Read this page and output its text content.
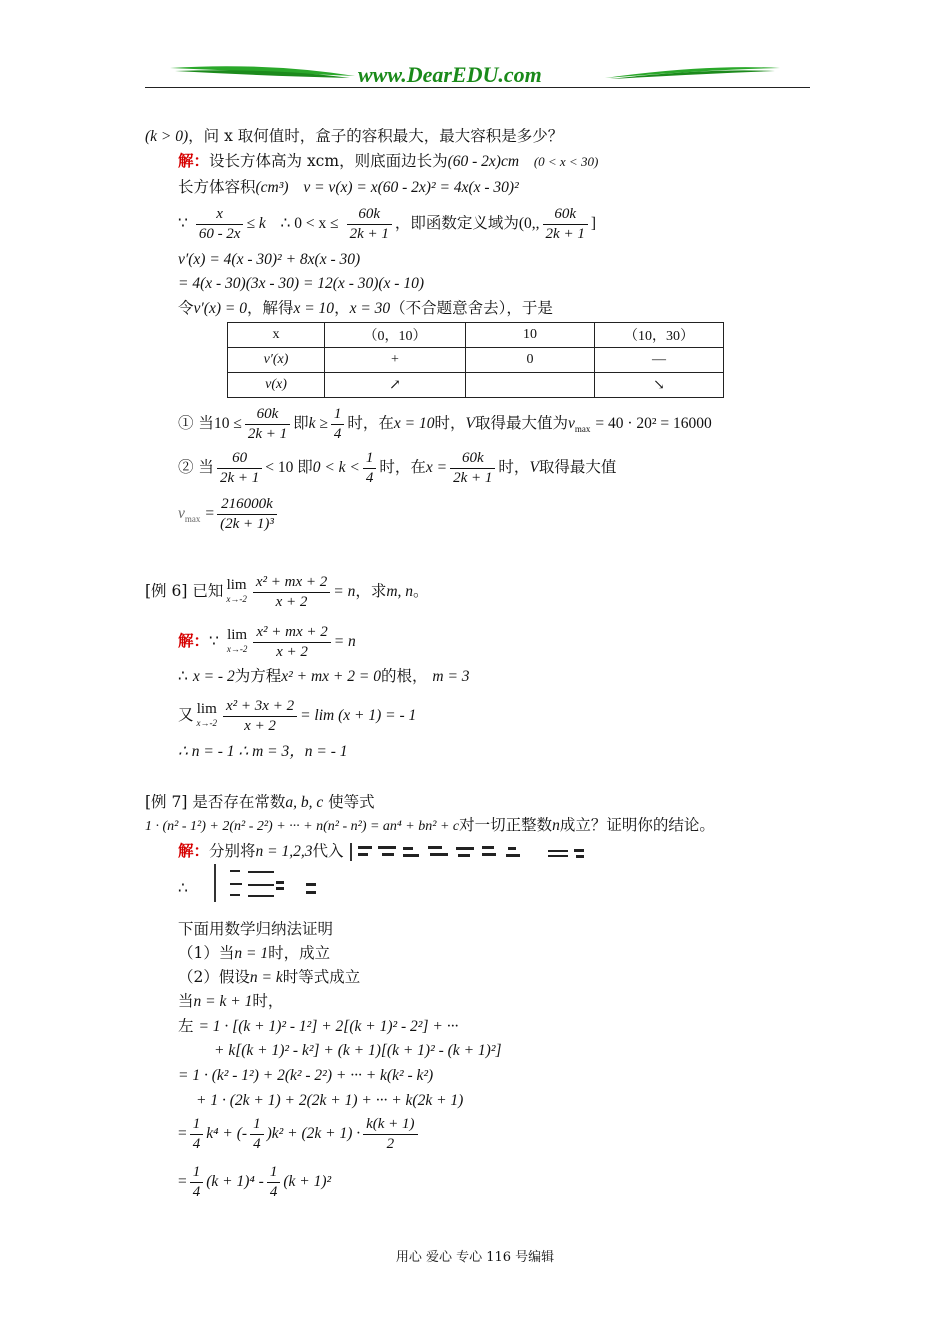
www.DearEDU.com
(k > 0)，问 x 取何值时，盒子的容积最大，最大容积是多少？
解：设长方体高为 xcm，则底面边长为(60 - 2x)cm (0 < x < 30)
长方体容积(cm³) v = v(x) = x(60 - 2x)² = 4x(x - 30)²
∵ $\frac{x}{60 - 2x} \le k$ ∴ $0 < x \le \frac{60k}{2k + 1}$ ，即函数定义域为(0,, $\frac{60k}{2k + 1}$ ]
v′(x) = 4(x - 30)² + 8x(x - 30)
= 4(x - 30)(3x - 30) = 12(x - 30)(x - 10)
令v′(x) = 0，解得x = 10，x = 30（不合题意舍去），于是
x	（0，10）	10	（10，30）
v′(x)	+	0	—
v(x)	↗		↘
① 当$10 \le \frac{60k}{2k + 1}$ 即$k \ge \frac{1}{4}$ 时，在x = 10时，V取得最大值为$v_{max} = 40 \cdot 20^2 = 16000$
② 当 $\frac{60}{2k + 1} < 10$ 即$0 < k < \frac{1}{4}$ 时，在$x = \frac{60k}{2k + 1}$ 时，V取得最大值
$v_{max} = \frac{216000k}{\text{(2k + 1)³}}$
[例 6] 已知 lim
$x\to-2 \frac{\text{x² + mx + 2}}{x + 2} = n$，求m, n。
解：∵ lim
$x\to-2 \frac{\text{x² + mx + 2}}{x + 2} = n$
∴ x = - 2为方程x² + mx + 2 = 0的根， m = 3
又 lim
$x\to-2 \frac{\text{x² + 3x + 2}}{x + 2} = \lim (x + 1)$ = - 1
∴ n = - 1 ∴ m = 3，n = - 1
[例 7] 是否存在常数a, b, c 使等式
1 · (n² - 1²) + 2(n² - 2²) + ··· + n(n² - n²) = an⁴ + bn² + c对一切正整数n成立？证明你的结论。
解：分别将n = 1,2,3代入
∴
下面用数学归纳法证明
（1）当n = 1时，成立
（2）假设n = k时等式成立
当n = k + 1时，
左 = 1 · [(k + 1)² - 1²] + 2[(k + 1)² - 2²] + ···
+ k[(k + 1)² - k²] + (k + 1)[(k + 1)² - (k + 1)²]
= 1 · (k² - 1²) + 2(k² - 2²) + ··· + k(k² - k²)
+ 1 · (2k + 1) + 2(2k + 1) + ··· + k(2k + 1)
= $\frac{1}{4} k^4$ + (- $\frac{1}{4} )k^2 + (2k + 1) \cdot \frac{k(k + 1)}{2}$
= $\frac{1}{4} (k + 1)^4 - \frac{1}{4} (k + 1)^2$
用心 爱心 专心 116 号编辑
